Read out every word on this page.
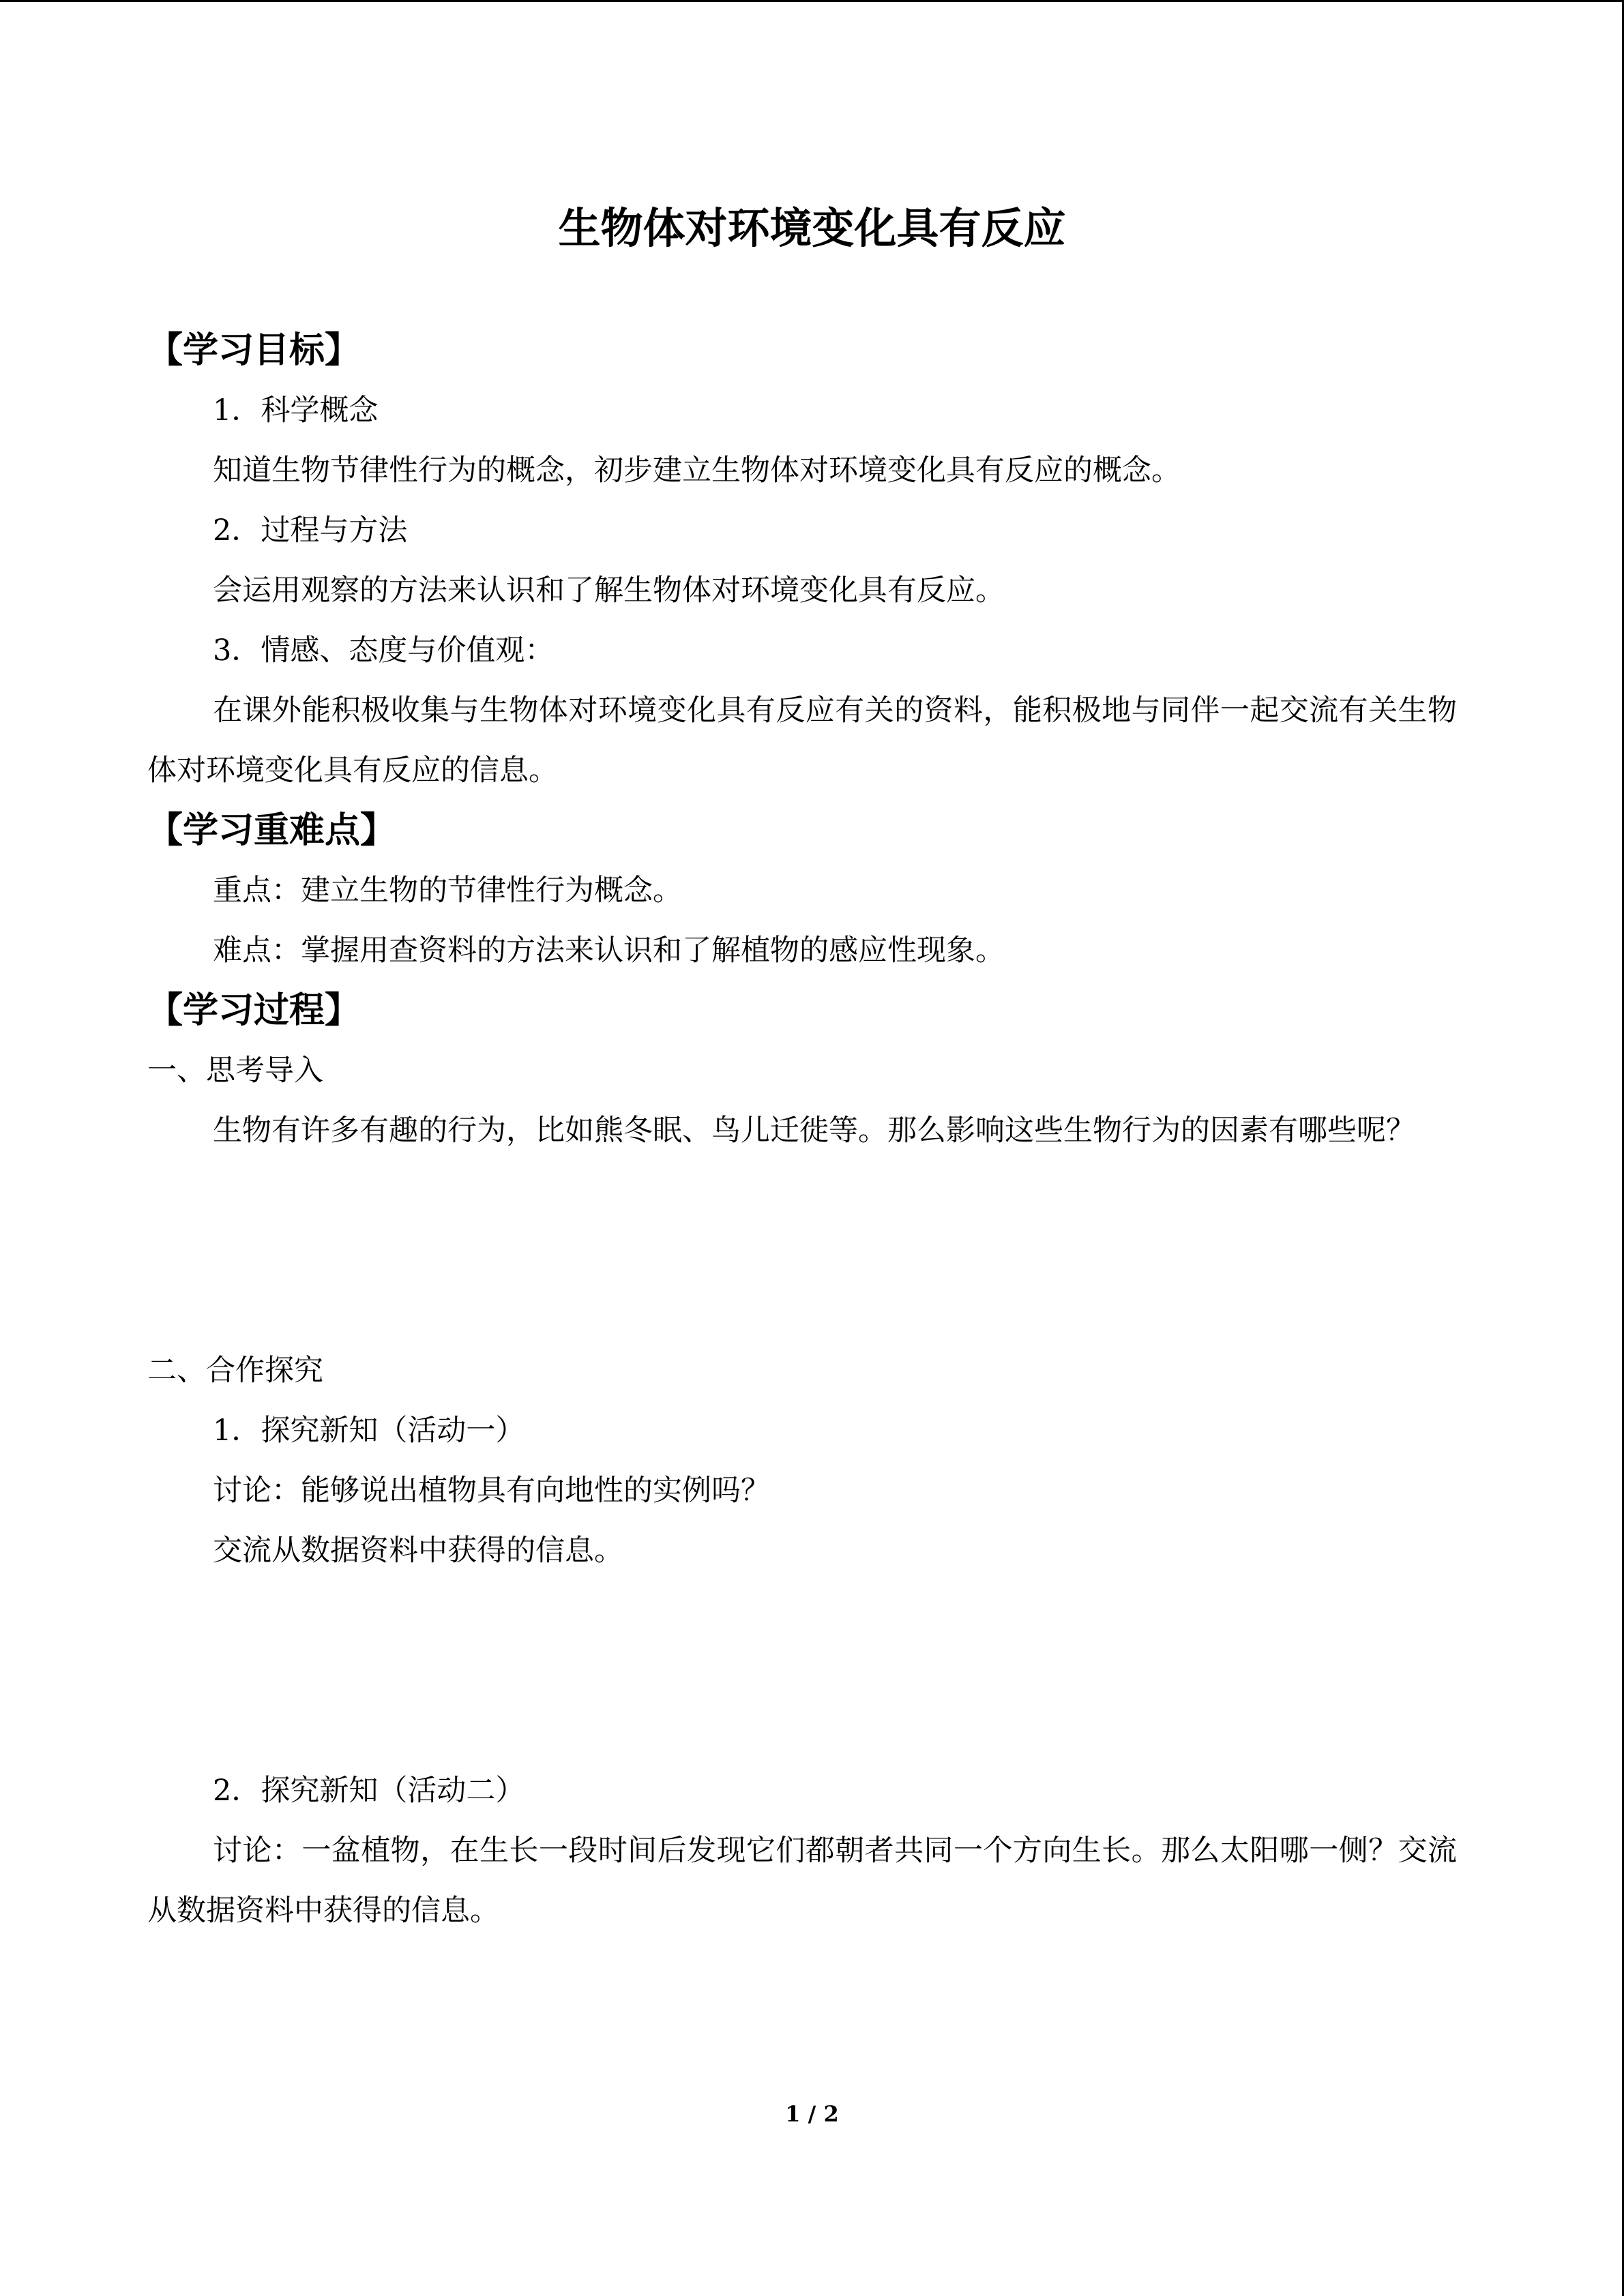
生物体对环境变化具有反应
【学习目标】

1．科学概念

知道生物节律性行为的概念，初步建立生物体对环境变化具有反应的概念。

2．过程与方法

会运用观察的方法来认识和了解生物体对环境变化具有反应。

3．情感、态度与价值观：

在课外能积极收集与生物体对环境变化具有反应有关的资料，能积极地与同伴一起交流有关生物体对环境变化具有反应的信息。

【学习重难点】

重点：建立生物的节律性行为概念。

难点：掌握用查资料的方法来认识和了解植物的感应性现象。

【学习过程】

一、思考导入

生物有许多有趣的行为，比如熊冬眠、鸟儿迁徙等。那么影响这些生物行为的因素有哪些呢？

二、合作探究

1．探究新知（活动一）

讨论：能够说出植物具有向地性的实例吗？

交流从数据资料中获得的信息。

2．探究新知（活动二）

讨论：一盆植物，在生长一段时间后发现它们都朝者共同一个方向生长。那么太阳哪一侧？交流从数据资料中获得的信息。

1 / 2
